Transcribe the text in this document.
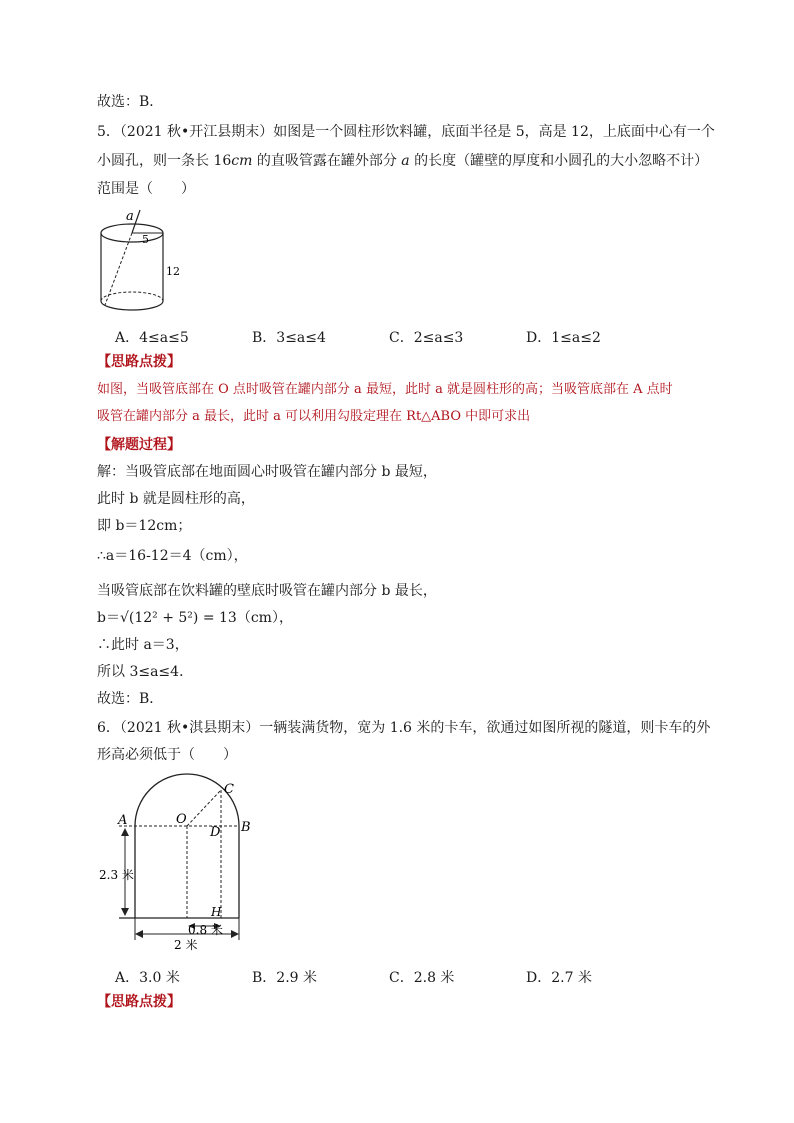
故选：B．
5．（2021 秋•开江县期末）如图是一个圆柱形饮料罐，底面半径是 5，高是 12，上底面中心有一个
小圆孔，则一条长 16cm 的直吸管露在罐外部分 a 的长度（罐壁的厚度和小圆孔的大小忽略不计）
范围是（　　）
a
5
12
A．4≤a≤5	B．3≤a≤4	C．2≤a≤3	D．1≤a≤2
【思路点拨】
如图，当吸管底部在 O 点时吸管在罐内部分 a 最短，此时 a 就是圆柱形的高；当吸管底部在 A 点时
吸管在罐内部分 a 最长，此时 a 可以利用勾股定理在 Rt△ABO 中即可求出
【解题过程】
解：当吸管底部在地面圆心时吸管在罐内部分 b 最短，
此时 b 就是圆柱形的高，
即 b＝12cm；
∴a＝16-12＝4（cm），
当吸管底部在饮料罐的壁底时吸管在罐内部分 b 最长，
b＝√(12² + 5²) = 13（cm），
∴此时 a＝3，
所以 3≤a≤4．
故选：B．
6．（2021 秋•淇县期末）一辆装满货物，宽为 1.6 米的卡车，欲通过如图所视的隧道，则卡车的外
形高必须低于（　　）
A	B
C
D
O
H
2.3 米
0.8 米
2 米
A．3.0 米	B．2.9 米	C．2.8 米	D．2.7 米
【思路点拨】
